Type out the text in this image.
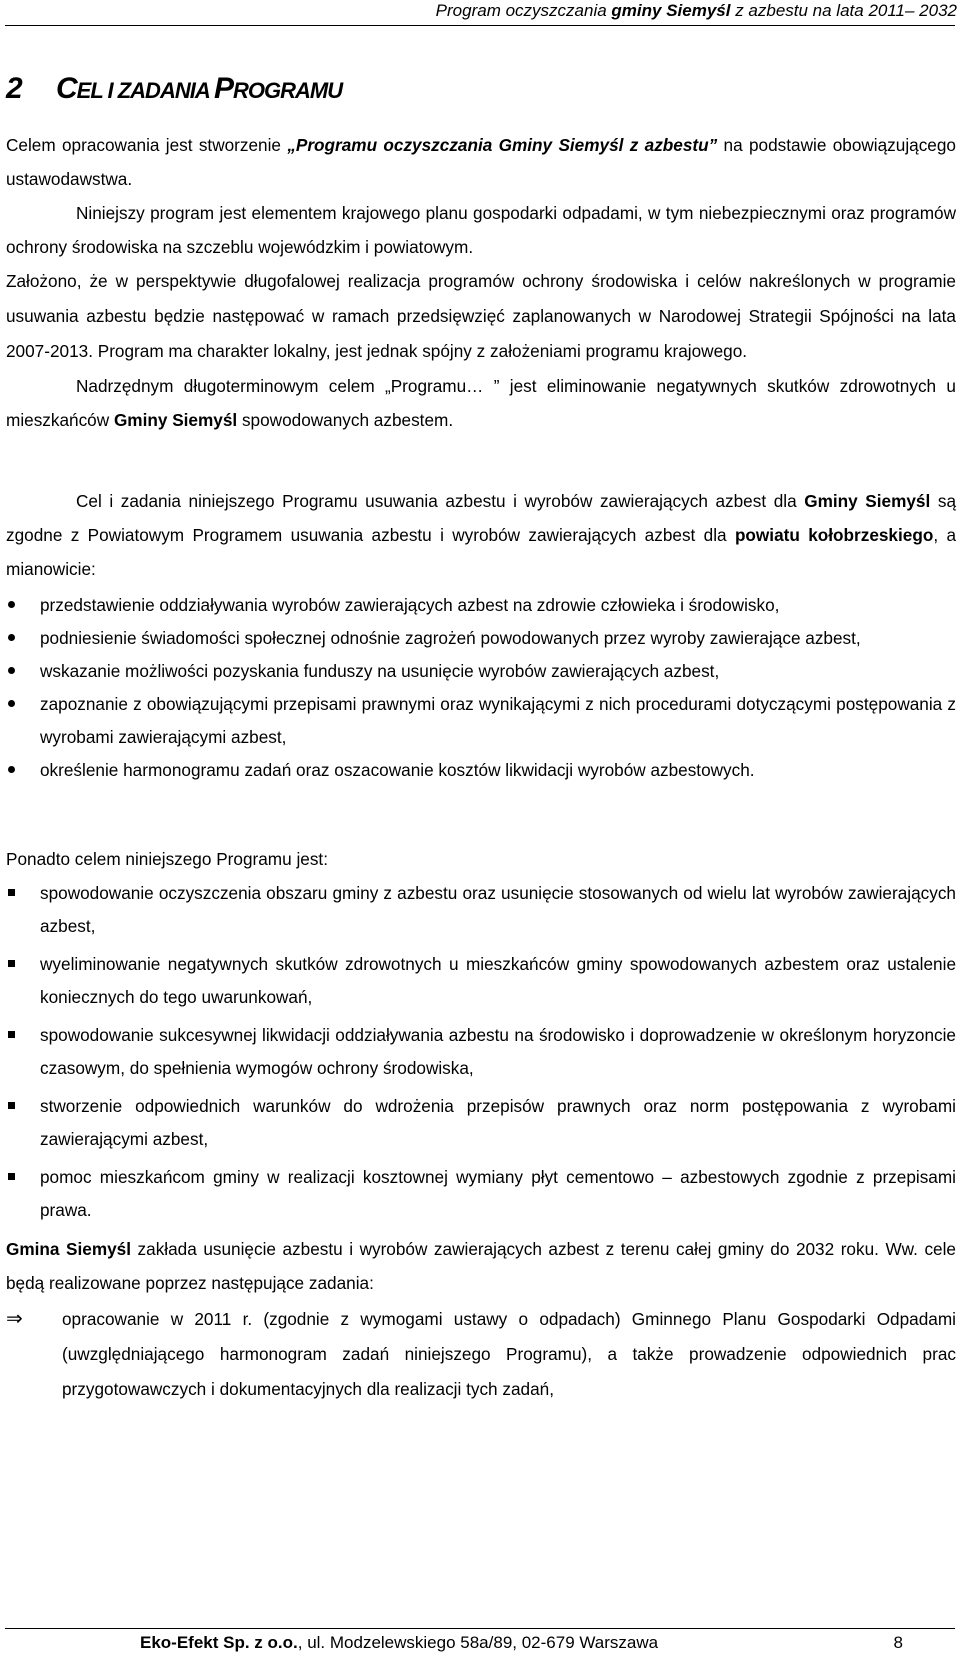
Program oczyszczania gminy Siemyśl z azbestu na lata 2011– 2032
2 CEL I ZADANIA PROGRAMU

Celem opracowania jest stworzenie „Programu oczyszczania Gminy Siemyśl z azbestu” na podstawie obowiązującego ustawodawstwa.

Niniejszy program jest elementem krajowego planu gospodarki odpadami, w tym niebezpiecznymi oraz programów ochrony środowiska na szczeblu wojewódzkim i powiatowym.

Założono, że w perspektywie długofalowej realizacja programów ochrony środowiska i celów nakreślonych w programie usuwania azbestu będzie następować w ramach przedsięwzięć zaplanowanych w Narodowej Strategii Spójności na lata 2007-2013. Program ma charakter lokalny, jest jednak spójny z założeniami programu krajowego.

Nadrzędnym długoterminowym celem „Programu… ” jest eliminowanie negatywnych skutków zdrowotnych u mieszkańców Gminy Siemyśl spowodowanych azbestem.

Cel i zadania niniejszego Programu usuwania azbestu i wyrobów zawierających azbest dla Gminy Siemyśl są zgodne z Powiatowym Programem usuwania azbestu i wyrobów zawierających azbest dla powiatu kołobrzeskiego, a mianowicie:

przedstawienie oddziaływania wyrobów zawierających azbest na zdrowie człowieka i środowisko,

podniesienie świadomości społecznej odnośnie zagrożeń powodowanych przez wyroby zawierające azbest,

wskazanie możliwości pozyskania funduszy na usunięcie wyrobów zawierających azbest,

zapoznanie z obowiązującymi przepisami prawnymi oraz wynikającymi z nich procedurami dotyczącymi postępowania z wyrobami zawierającymi azbest,

określenie harmonogramu zadań oraz oszacowanie kosztów likwidacji wyrobów azbestowych.

Ponadto celem niniejszego Programu jest:

spowodowanie oczyszczenia obszaru gminy z azbestu oraz usunięcie stosowanych od wielu lat wyrobów zawierających azbest,

wyeliminowanie negatywnych skutków zdrowotnych u mieszkańców gminy spowodowanych azbestem oraz ustalenie koniecznych do tego uwarunkowań,

spowodowanie sukcesywnej likwidacji oddziaływania azbestu na środowisko i doprowadzenie w określonym horyzoncie czasowym, do spełnienia wymogów ochrony środowiska,

stworzenie odpowiednich warunków do wdrożenia przepisów prawnych oraz norm postępowania z wyrobami zawierającymi azbest,

pomoc mieszkańcom gminy w realizacji kosztownej wymiany płyt cementowo – azbestowych zgodnie z przepisami prawa.

Gmina Siemyśl zakłada usunięcie azbestu i wyrobów zawierających azbest z terenu całej gminy do 2032 roku. Ww. cele będą realizowane poprzez następujące zadania:

⇒	opracowanie w 2011 r. (zgodnie z wymogami ustawy o odpadach) Gminnego Planu Gospodarki Odpadami (uwzględniającego harmonogram zadań niniejszego Programu), a także prowadzenie odpowiednich prac przygotowawczych i dokumentacyjnych dla realizacji tych zadań,

Eko-Efekt Sp. z o.o., ul. Modzelewskiego 58a/89, 02-679 Warszawa	8
